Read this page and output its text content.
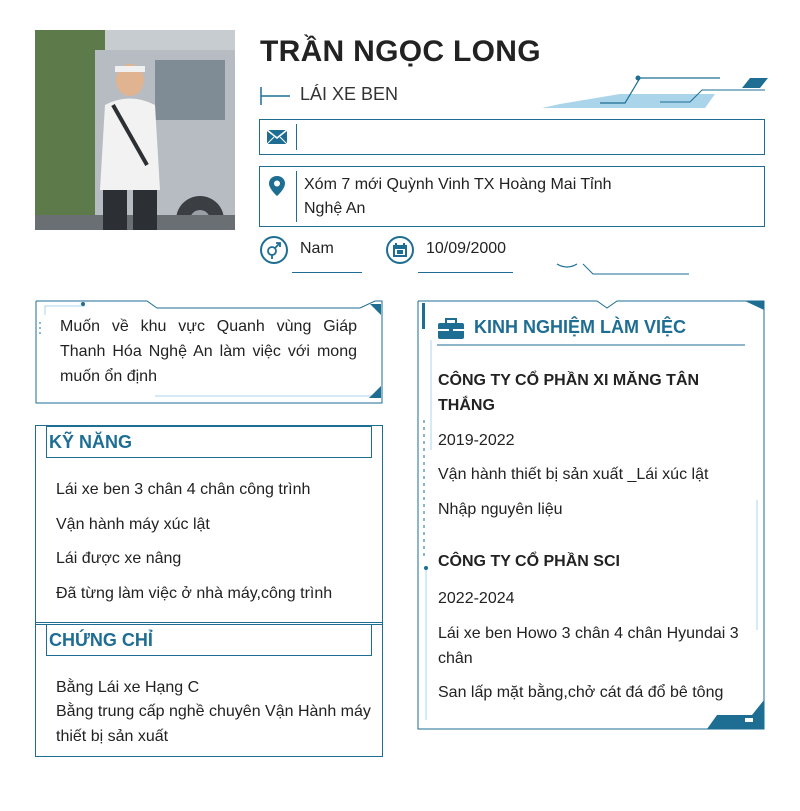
TRẦN NGỌC LONG
LÁI XE BEN
Xóm 7 mới Quỳnh Vinh TX Hoàng Mai Tỉnh
Nghệ An
Nam	10/09/2000
Muốn về khu vực Quanh vùng Giáp Thanh Hóa Nghệ An làm việc với mong muốn ổn định
KỸ NĂNG
Lái xe ben 3 chân 4 chân công trình
Vận hành máy xúc lật
Lái được xe nâng
Đã từng làm việc ở nhà máy,công trình
CHỨNG CHỈ
Bằng Lái xe Hạng C
Bằng trung cấp nghề chuyên Vận Hành máy thiết bị sản xuất
KINH NGHIỆM LÀM VIỆC
CÔNG TY CỔ PHẦN XI MĂNG TÂN THẮNG
2019-2022
Vận hành thiết bị sản xuất _Lái xúc lật
Nhập nguyên liệu
CÔNG TY CỔ PHẦN SCI
2022-2024
Lái xe ben Howo 3 chân 4 chân Hyundai 3 chân
San lấp mặt bằng,chở cát đá đổ bê tông
